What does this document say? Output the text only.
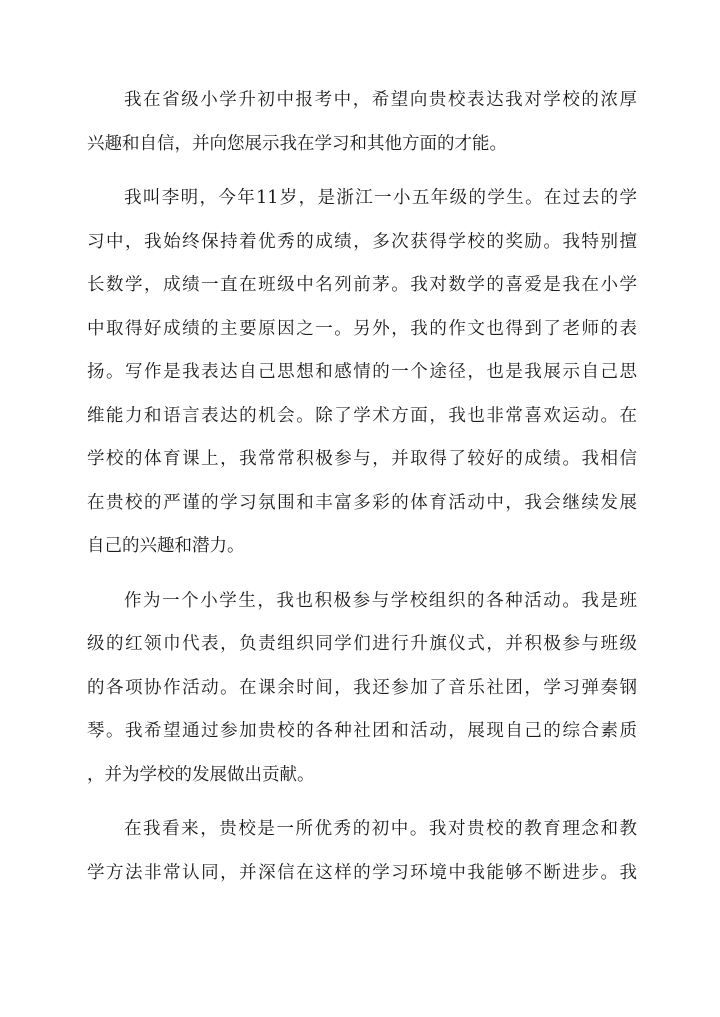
我在省级小学升初中报考中，希望向贵校表达我对学校的浓厚
兴趣和自信，并向您展示我在学习和其他方面的才能。
我叫李明，今年11岁，是浙江一小五年级的学生。在过去的学
习中，我始终保持着优秀的成绩，多次获得学校的奖励。我特别擅
长数学，成绩一直在班级中名列前茅。我对数学的喜爱是我在小学
中取得好成绩的主要原因之一。另外，我的作文也得到了老师的表
扬。写作是我表达自己思想和感情的一个途径，也是我展示自己思
维能力和语言表达的机会。除了学术方面，我也非常喜欢运动。在
学校的体育课上，我常常积极参与，并取得了较好的成绩。我相信
在贵校的严谨的学习氛围和丰富多彩的体育活动中，我会继续发展
自己的兴趣和潜力。
作为一个小学生，我也积极参与学校组织的各种活动。我是班
级的红领巾代表，负责组织同学们进行升旗仪式，并积极参与班级
的各项协作活动。在课余时间，我还参加了音乐社团，学习弹奏钢
琴。我希望通过参加贵校的各种社团和活动，展现自己的综合素质
，并为学校的发展做出贡献。
在我看来，贵校是一所优秀的初中。我对贵校的教育理念和教
学方法非常认同，并深信在这样的学习环境中我能够不断进步。我
